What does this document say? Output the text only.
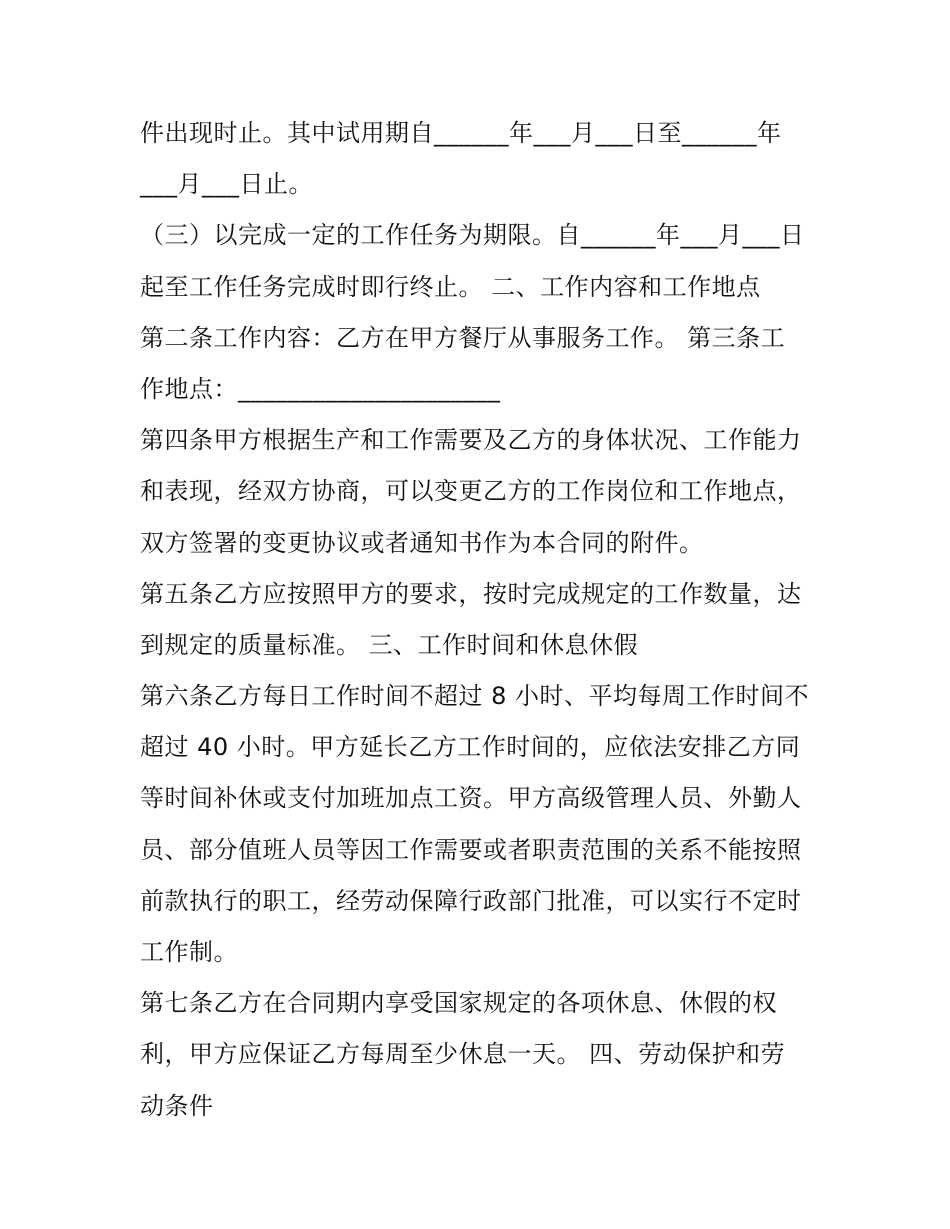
件出现时止。其中试用期自______年___月___日至______年
___月___日止。
（三）以完成一定的工作任务为期限。自______年___月___日
起至工作任务完成时即行终止。 二、工作内容和工作地点
第二条工作内容：乙方在甲方餐厅从事服务工作。 第三条工
作地点：_____________________
第四条甲方根据生产和工作需要及乙方的身体状况、工作能力
和表现，经双方协商，可以变更乙方的工作岗位和工作地点，
双方签署的变更协议或者通知书作为本合同的附件。
第五条乙方应按照甲方的要求，按时完成规定的工作数量，达
到规定的质量标准。 三、工作时间和休息休假
第六条乙方每日工作时间不超过 8 小时、平均每周工作时间不
超过 40 小时。甲方延长乙方工作时间的，应依法安排乙方同
等时间补休或支付加班加点工资。甲方高级管理人员、外勤人
员、部分值班人员等因工作需要或者职责范围的关系不能按照
前款执行的职工，经劳动保障行政部门批准，可以实行不定时
工作制。
第七条乙方在合同期内享受国家规定的各项休息、休假的权
利，甲方应保证乙方每周至少休息一天。 四、劳动保护和劳
动条件
